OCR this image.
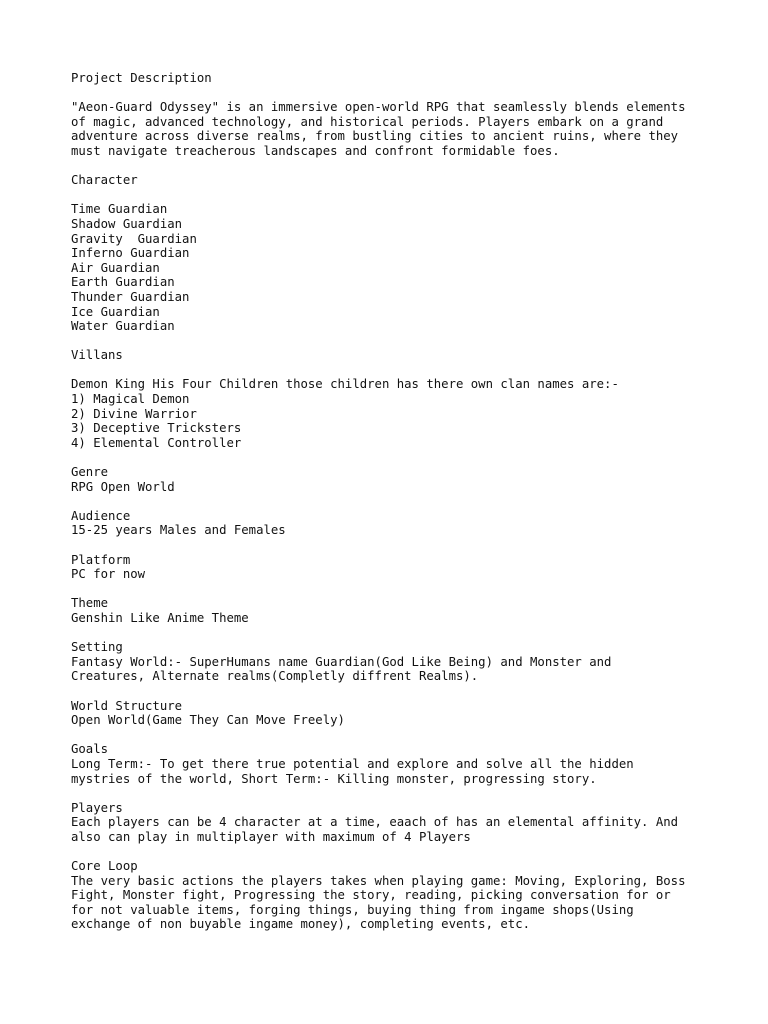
Project Description

"Aeon-Guard Odyssey" is an immersive open-world RPG that seamlessly blends elements

of magic, advanced technology, and historical periods. Players embark on a grand

adventure across diverse realms, from bustling cities to ancient ruins, where they

must navigate treacherous landscapes and confront formidable foes.

Character

Time Guardian

Shadow Guardian

Gravity  Guardian

Inferno Guardian

Air Guardian

Earth Guardian

Thunder Guardian

Ice Guardian

Water Guardian

Villans

Demon King His Four Children those children has there own clan names are:-

1) Magical Demon

2) Divine Warrior

3) Deceptive Tricksters

4) Elemental Controller

Genre

RPG Open World

Audience

15-25 years Males and Females

Platform

PC for now

Theme

Genshin Like Anime Theme

Setting

Fantasy World:- SuperHumans name Guardian(God Like Being) and Monster and

Creatures, Alternate realms(Completly diffrent Realms).

World Structure

Open World(Game They Can Move Freely)

Goals

Long Term:- To get there true potential and explore and solve all the hidden

mystries of the world, Short Term:- Killing monster, progressing story.

Players

Each players can be 4 character at a time, eaach of has an elemental affinity. And

also can play in multiplayer with maximum of 4 Players

Core Loop

The very basic actions the players takes when playing game: Moving, Exploring, Boss

Fight, Monster fight, Progressing the story, reading, picking conversation for or

for not valuable items, forging things, buying thing from ingame shops(Using

exchange of non buyable ingame money), completing events, etc.
